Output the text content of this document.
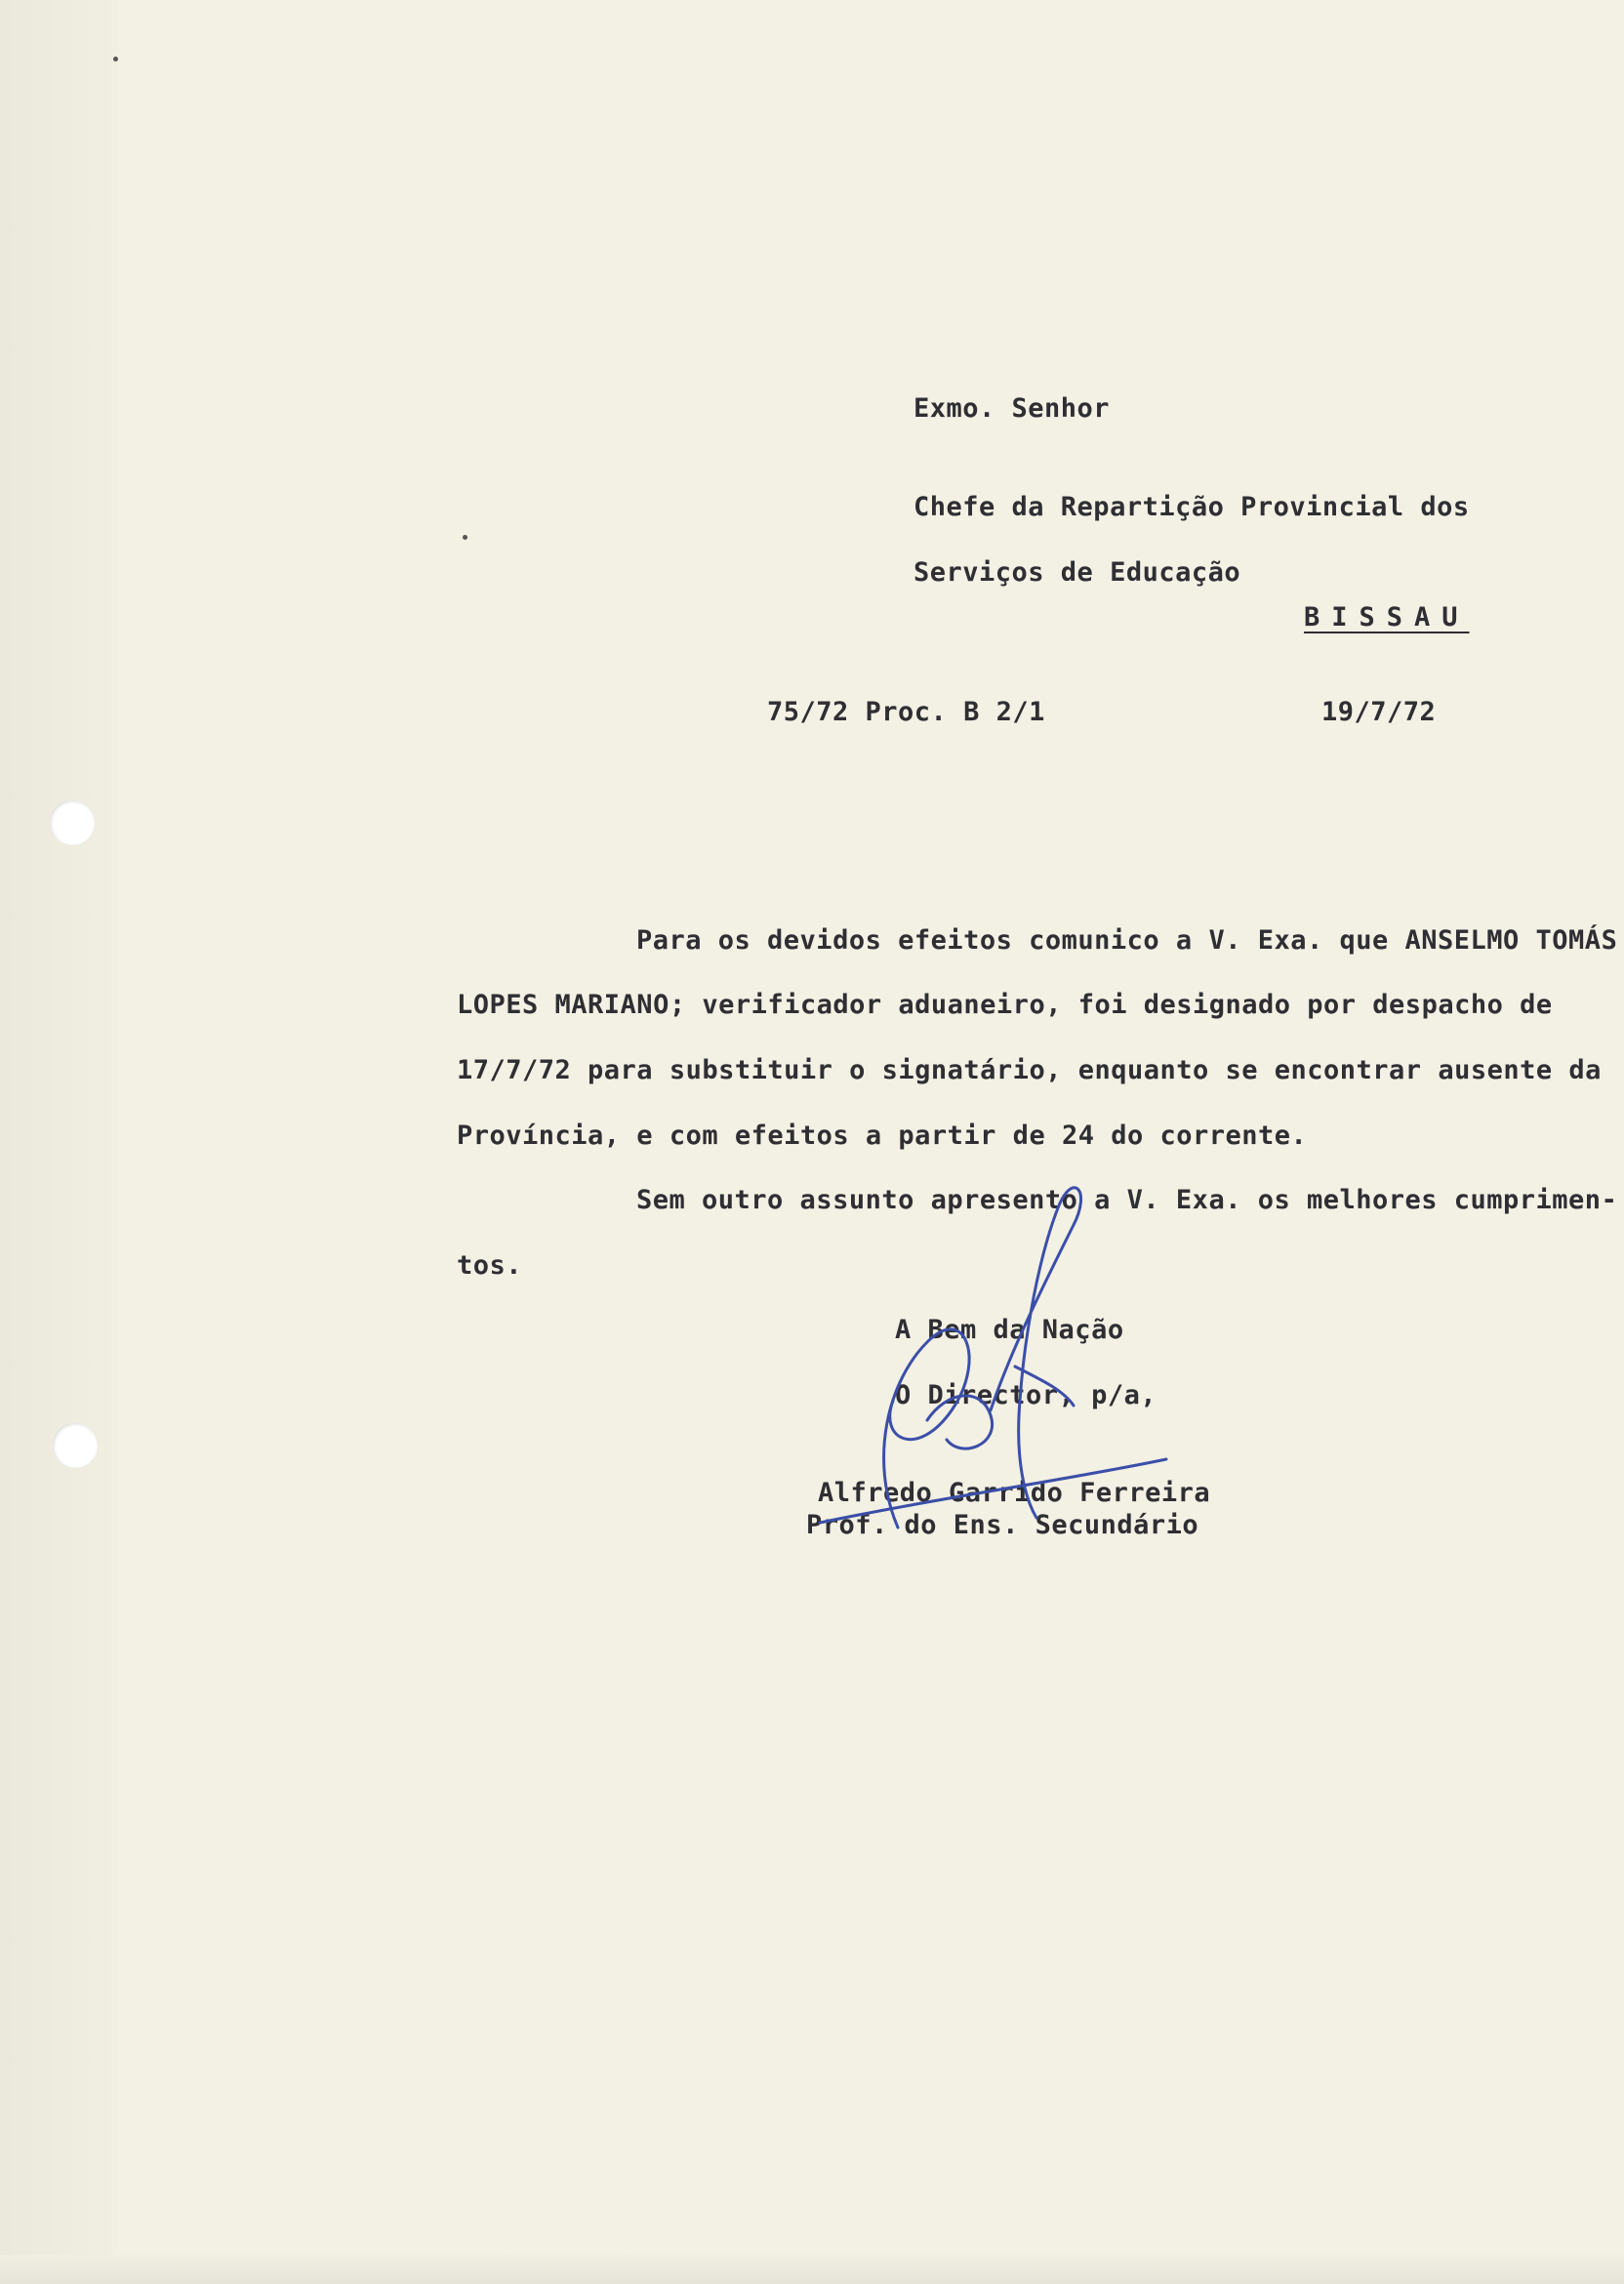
Exmo. Senhor
Chefe da Repartição Provincial dos
Serviços de Educação
BISSAU
75/72 Proc. B 2/1	19/7/72
Para os devidos efeitos comunico a V. Exa. que ANSELMO TOMÁS
LOPES MARIANO; verificador aduaneiro, foi designado por despacho de
17/7/72 para substituir o signatário, enquanto se encontrar ausente da
Província, e com efeitos a partir de 24 do corrente.
Sem outro assunto apresento a V. Exa. os melhores cumprimen-
tos.
A Bem da Nação
O Director, p/a,
Alfredo Garrido Ferreira
Prof. do Ens. Secundário
